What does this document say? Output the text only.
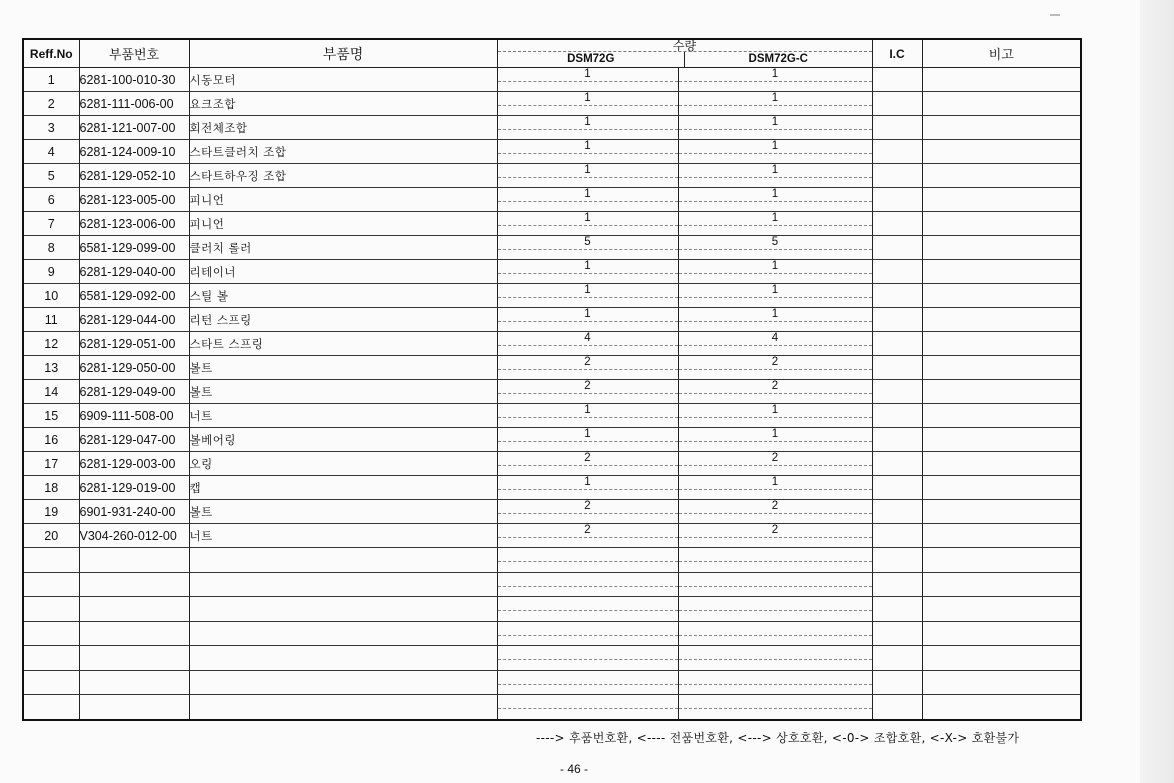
Reff.No	부품번호	부품명	수량
DSM72G DSM72G-C		I.C	비고
1	6281-100-010-30	시동모터	1	1		

2	6281-111-006-00	요크조합	1	1		

3	6281-121-007-00	회전체조합	1	1		

4	6281-124-009-10	스타트클러치 조합	1	1		

5	6281-129-052-10	스타트하우징 조합	1	1		

6	6281-123-005-00	피니언	1	1		

7	6281-123-006-00	피니언	1	1		

8	6581-129-099-00	클러치 롤러	5	5		

9	6281-129-040-00	리테이너	1	1		

10	6581-129-092-00	스틸 볼	1	1		

11	6281-129-044-00	리턴 스프링	1	1		

12	6281-129-051-00	스타트 스프링	4	4		

13	6281-129-050-00	볼트	2	2		

14	6281-129-049-00	볼트	2	2		

15	6909-111-508-00	너트	1	1		

16	6281-129-047-00	볼베어링	1	1		

17	6281-129-003-00	오링	2	2		

18	6281-129-019-00	캡	1	1		

19	6901-931-240-00	볼트	2	2		

20	V304-260-012-00	너트	2	2		

----> 후품번호환, <---- 전품번호환, <---> 상호호환, <-0-> 조합호환, <-X-> 호환불가
- 46 -
